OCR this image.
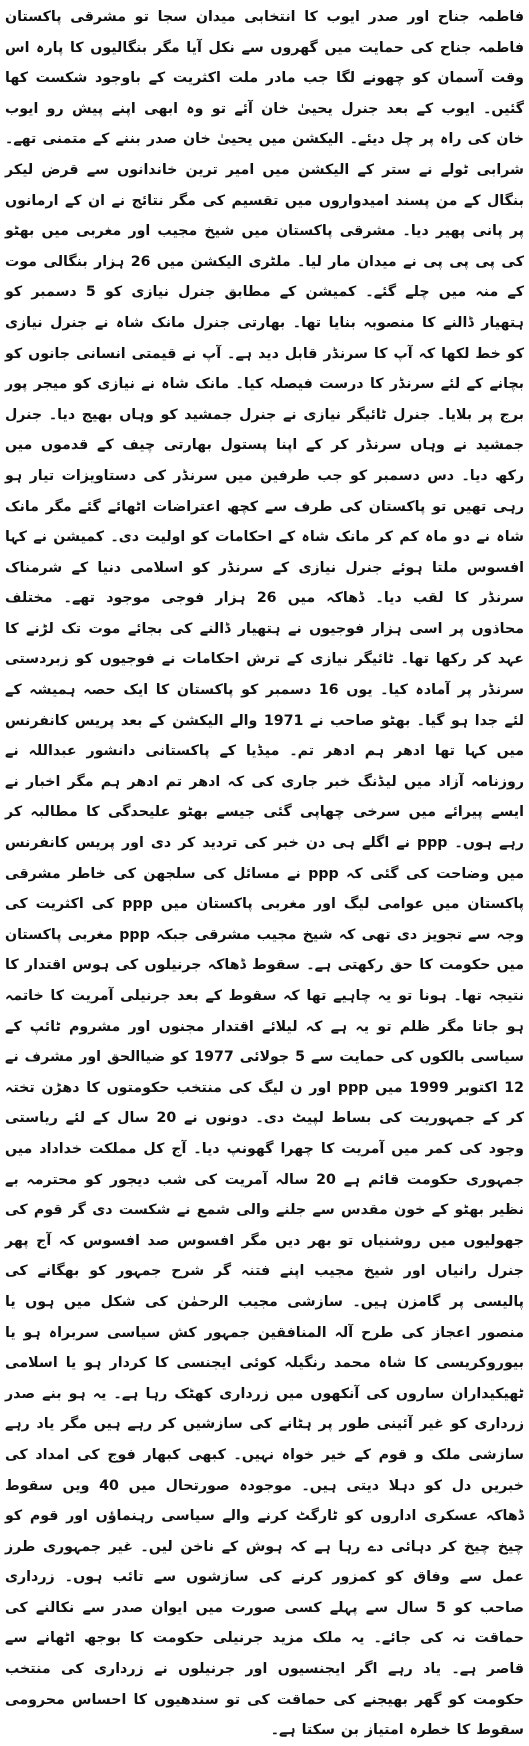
فاطمہ جناح اور صدر ایوب کا انتخابی میدان سجا تو مشرقی پاکستان فاطمہ جناح کی حمایت میں گھروں سے نکل آیا مگر بنگالیوں کا پارہ اس وقت آسمان کو چھونے لگا جب مادر ملت اکثریت کے باوجود شکست کھا گئیں۔ ایوب کے بعد جنرل یحییٰ خان آئے تو وہ ابھی اپنے پیش رو ایوب خان کی راہ پر چل دیئے۔ الیکشن میں یحییٰ خان صدر بننے کے متمنی تھے۔ شرابی ٹولے نے ستر کے الیکشن میں امیر ترین خاندانوں سے قرض لیکر بنگال کے من پسند امیدواروں میں تقسیم کی مگر نتائج نے ان کے ارمانوں پر پانی پھیر دیا۔ مشرقی پاکستان میں شیخ مجیب اور مغربی میں بھٹو کی پی پی پی نے میدان مار لیا۔ ملٹری الیکشن میں 26 ہزار بنگالی موت کے منہ میں چلے گئے۔ کمیشن کے مطابق جنرل نیازی کو 5 دسمبر کو ہتھیار ڈالنے کا منصوبہ بنایا تھا۔ بھارتی جنرل مانک شاہ نے جنرل نیازی کو خط لکھا کہ آپ کا سرنڈر قابل دید ہے۔ آپ نے قیمتی انسانی جانوں کو بچانے کے لئے سرنڈر کا درست فیصلہ کیا۔ مانک شاہ نے نیازی کو میجر پور برج پر بلایا۔ جنرل ٹائیگر نیازی نے جنرل جمشید کو وہاں بھیج دیا۔ جنرل جمشید نے وہاں سرنڈر کر کے اپنا پستول بھارتی چیف کے قدموں میں رکھ دیا۔ دس دسمبر کو جب طرفین میں سرنڈر کی دستاویزات تیار ہو رہی تھیں تو پاکستان کی طرف سے کچھ اعتراضات اٹھائے گئے مگر مانک شاہ نے دو ماہ کم کر مانک شاہ کے احکامات کو اولیت دی۔ کمیشن نے کہا افسوس ملتا ہوئے جنرل نیازی کے سرنڈر کو اسلامی دنیا کے شرمناک سرنڈر کا لقب دیا۔ ڈھاکہ میں 26 ہزار فوجی موجود تھے۔ مختلف محاذوں پر اسی ہزار فوجیوں نے ہتھیار ڈالنے کی بجائے موت تک لڑنے کا عہد کر رکھا تھا۔ ٹائیگر نیازی کے ترش احکامات نے فوجیوں کو زبردستی سرنڈر پر آمادہ کیا۔ یوں 16 دسمبر کو پاکستان کا ایک حصہ ہمیشہ کے لئے جدا ہو گیا۔ بھٹو صاحب نے 1971 والے الیکشن کے بعد پریس کانفرنس میں کہا تھا ادھر ہم ادھر تم۔ میڈیا کے پاکستانی دانشور عبداللہ نے روزنامہ آزاد میں لیڈنگ خبر جاری کی کہ ادھر تم ادھر ہم مگر اخبار نے ایسے پیرائے میں سرخی چھاپی گئی جیسے بھٹو علیحدگی کا مطالبہ کر رہے ہوں۔ ppp نے اگلے ہی دن خبر کی تردید کر دی اور پریس کانفرنس میں وضاحت کی گئی کہ ppp نے مسائل کی سلجھن کی خاطر مشرقی پاکستان میں عوامی لیگ اور مغربی پاکستان میں ppp کی اکثریت کی وجہ سے تجویز دی تھی کہ شیخ مجیب مشرقی جبکہ ppp مغربی پاکستان میں حکومت کا حق رکھتی ہے۔ سقوط ڈھاکہ جرنیلوں کی ہوس اقتدار کا نتیجہ تھا۔ ہونا تو یہ چاہیے تھا کہ سقوط کے بعد جرنیلی آمریت کا خاتمہ ہو جاتا مگر ظلم تو یہ ہے کہ لیلائے اقتدار مجنوں اور مشروم ٹائپ کے سیاسی بالکوں کی حمایت سے 5 جولائی 1977 کو ضیاالحق اور مشرف نے 12 اکتوبر 1999 میں ppp اور ن لیگ کی منتخب حکومتوں کا دھڑن تختہ کر کے جمہوریت کی بساط لپیٹ دی۔ دونوں نے 20 سال کے لئے ریاستی وجود کی کمر میں آمریت کا چھرا گھونپ دیا۔ آج کل مملکت خداداد میں جمہوری حکومت قائم ہے 20 سالہ آمریت کی شب دیجور کو محترمہ بے نظیر بھٹو کے خون مقدس سے جلنے والی شمع نے شکست دی گر قوم کی جھولیوں میں روشنیاں تو بھر دیں مگر افسوس صد افسوس کہ آج پھر جنرل رانیاں اور شیخ مجیب اپنے فتنہ گر شرح جمہور کو بھگانے کی پالیسی پر گامزن ہیں۔ سازشی مجیب الرحمٰن کی شکل میں ہوں یا منصور اعجاز کی طرح آلہ المنافقین جمہور کش سیاسی سربراہ ہو یا بیوروکریسی کا شاہ محمد رنگیلہ کوئی ایجنسی کا کردار ہو یا اسلامی ٹھیکیداران ساروں کی آنکھوں میں زرداری کھٹک رہا ہے۔ یہ ہو بنے صدر زرداری کو غیر آئینی طور پر ہٹانے کی سازشیں کر رہے ہیں مگر یاد رہے سازشی ملک و قوم کے خیر خواہ نہیں۔ کبھی کبھار فوج کی امداد کی خبریں دل کو دہلا دیتی ہیں۔ موجودہ صورتحال میں 40 ویں سقوط ڈھاکہ عسکری اداروں کو ٹارگٹ کرنے والے سیاسی رہنماؤں اور قوم کو چیخ چیخ کر دہائی دے رہا ہے کہ ہوش کے ناخن لیں۔ غیر جمہوری طرز عمل سے وفاق کو کمزور کرنے کی سازشوں سے تائب ہوں۔ زرداری صاحب کو 5 سال سے پہلے کسی صورت میں ایوان صدر سے نکالنے کی حماقت نہ کی جائے۔ یہ ملک مزید جرنیلی حکومت کا بوجھ اٹھانے سے قاصر ہے۔ یاد رہے اگر ایجنسیوں اور جرنیلوں نے زرداری کی منتخب حکومت کو گھر بھیجنے کی حماقت کی تو سندھیوں کا احساس محرومی سقوط کا خطرہ امتیاز بن سکتا ہے۔
